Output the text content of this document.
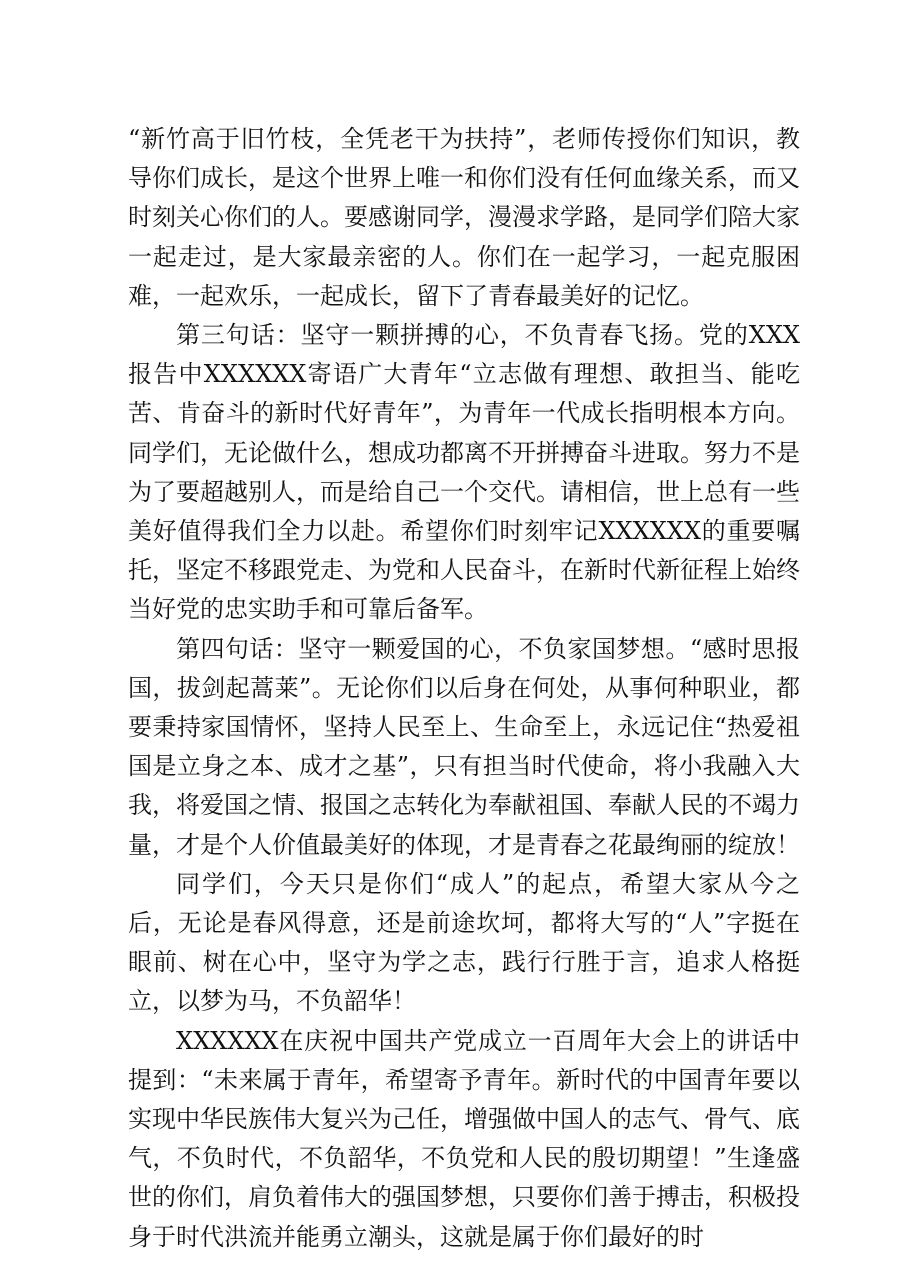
“新竹高于旧竹枝，全凭老干为扶持”，老师传授你们知识，教导你们成长，是这个世界上唯一和你们没有任何血缘关系，而又时刻关心你们的人。要感谢同学，漫漫求学路，是同学们陪大家一起走过，是大家最亲密的人。你们在一起学习，一起克服困难，一起欢乐，一起成长，留下了青春最美好的记忆。

第三句话：坚守一颗拼搏的心，不负青春飞扬。党的XXX报告中XXXXXX寄语广大青年“立志做有理想、敢担当、能吃苦、肯奋斗的新时代好青年”，为青年一代成长指明根本方向。同学们，无论做什么，想成功都离不开拼搏奋斗进取。努力不是为了要超越别人，而是给自己一个交代。请相信，世上总有一些美好值得我们全力以赴。希望你们时刻牢记XXXXXX的重要嘱托，坚定不移跟党走、为党和人民奋斗，在新时代新征程上始终当好党的忠实助手和可靠后备军。

第四句话：坚守一颗爱国的心，不负家国梦想。“感时思报国，拔剑起蒿莱”。无论你们以后身在何处，从事何种职业，都要秉持家国情怀，坚持人民至上、生命至上，永远记住“热爱祖国是立身之本、成才之基”，只有担当时代使命，将小我融入大我，将爱国之情、报国之志转化为奉献祖国、奉献人民的不竭力量，才是个人价值最美好的体现，才是青春之花最绚丽的绽放！

同学们，今天只是你们“成人”的起点，希望大家从今之后，无论是春风得意，还是前途坎坷，都将大写的“人”字挺在眼前、树在心中，坚守为学之志，践行行胜于言，追求人格挺立，以梦为马，不负韶华！

XXXXXX在庆祝中国共产党成立一百周年大会上的讲话中提到：“未来属于青年，希望寄予青年。新时代的中国青年要以实现中华民族伟大复兴为己任，增强做中国人的志气、骨气、底气，不负时代，不负韶华，不负党和人民的殷切期望！”生逢盛世的你们，肩负着伟大的强国梦想，只要你们善于搏击，积极投身于时代洪流并能勇立潮头，这就是属于你们最好的时
